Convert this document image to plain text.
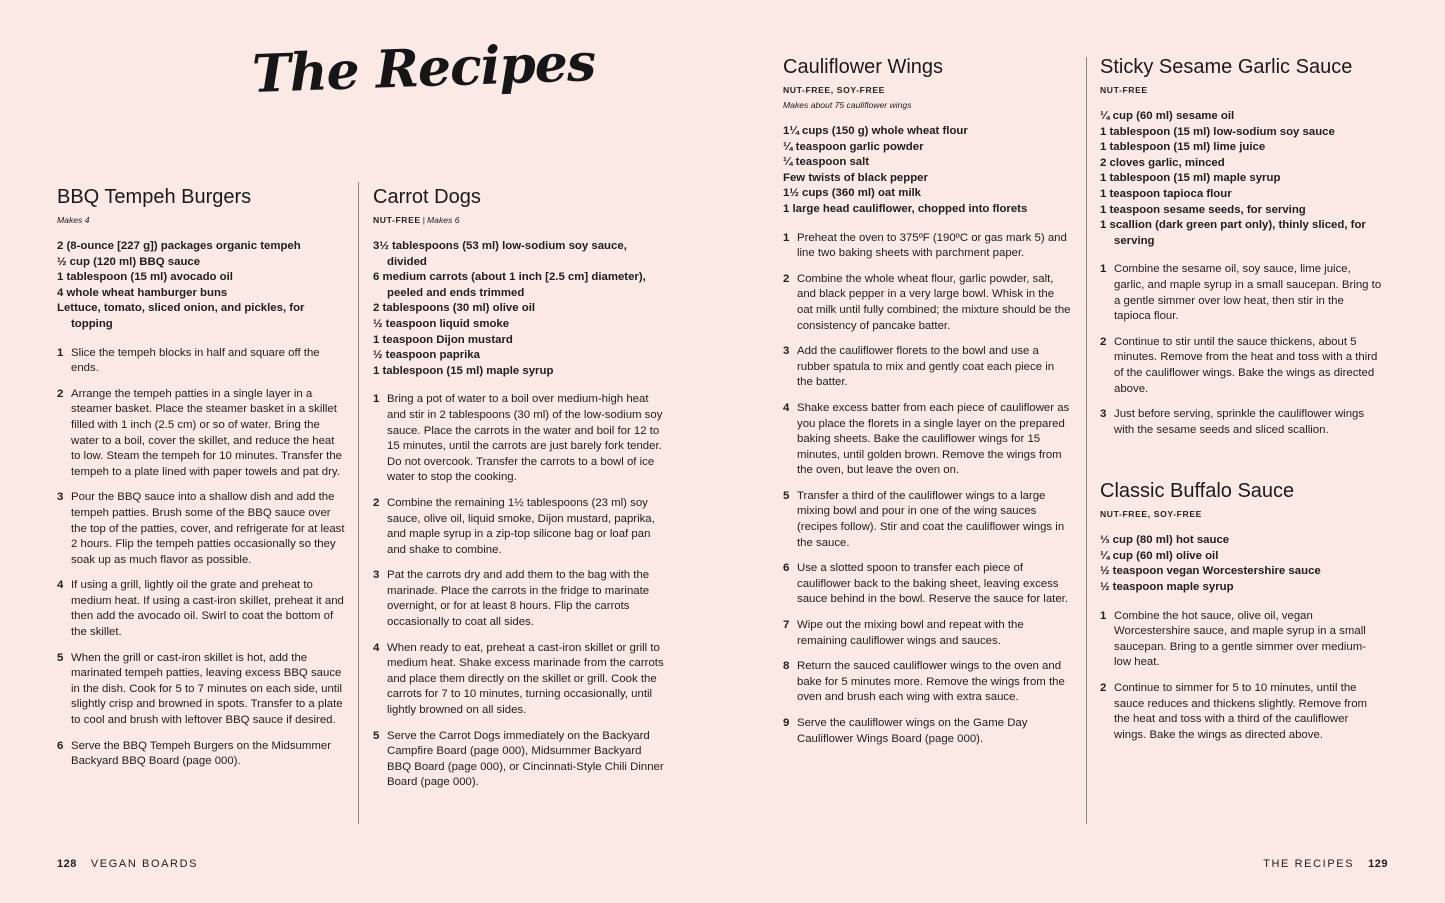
The Recipes
BBQ Tempeh Burgers
Makes 4
2 (8-ounce [227 g]) packages organic tempeh
½ cup (120 ml) BBQ sauce
1 tablespoon (15 ml) avocado oil
4 whole wheat hamburger buns
Lettuce, tomato, sliced onion, and pickles, for topping
1 Slice the tempeh blocks in half and square off the ends.
2 Arrange the tempeh patties in a single layer in a steamer basket. Place the steamer basket in a skillet filled with 1 inch (2.5 cm) or so of water. Bring the water to a boil, cover the skillet, and reduce the heat to low. Steam the tempeh for 10 minutes. Transfer the tempeh to a plate lined with paper towels and pat dry.
3 Pour the BBQ sauce into a shallow dish and add the tempeh patties. Brush some of the BBQ sauce over the top of the patties, cover, and refrigerate for at least 2 hours. Flip the tempeh patties occasionally so they soak up as much flavor as possible.
4 If using a grill, lightly oil the grate and preheat to medium heat. If using a cast-iron skillet, preheat it and then add the avocado oil. Swirl to coat the bottom of the skillet.
5 When the grill or cast-iron skillet is hot, add the marinated tempeh patties, leaving excess BBQ sauce in the dish. Cook for 5 to 7 minutes on each side, until slightly crisp and browned in spots. Transfer to a plate to cool and brush with leftover BBQ sauce if desired.
6 Serve the BBQ Tempeh Burgers on the Midsummer Backyard BBQ Board (page 000).
Carrot Dogs
NUT-FREE | Makes 6
3½ tablespoons (53 ml) low-sodium soy sauce, divided
6 medium carrots (about 1 inch [2.5 cm] diameter), peeled and ends trimmed
2 tablespoons (30 ml) olive oil
½ teaspoon liquid smoke
1 teaspoon Dijon mustard
½ teaspoon paprika
1 tablespoon (15 ml) maple syrup
1 Bring a pot of water to a boil over medium-high heat and stir in 2 tablespoons (30 ml) of the low-sodium soy sauce. Place the carrots in the water and boil for 12 to 15 minutes, until the carrots are just barely fork tender. Do not overcook. Transfer the carrots to a bowl of ice water to stop the cooking.
2 Combine the remaining 1½ tablespoons (23 ml) soy sauce, olive oil, liquid smoke, Dijon mustard, paprika, and maple syrup in a zip-top silicone bag or loaf pan and shake to combine.
3 Pat the carrots dry and add them to the bag with the marinade. Place the carrots in the fridge to marinate overnight, or for at least 8 hours. Flip the carrots occasionally to coat all sides.
4 When ready to eat, preheat a cast-iron skillet or grill to medium heat. Shake excess marinade from the carrots and place them directly on the skillet or grill. Cook the carrots for 7 to 10 minutes, turning occasionally, until lightly browned on all sides.
5 Serve the Carrot Dogs immediately on the Backyard Campfire Board (page 000), Midsummer Backyard BBQ Board (page 000), or Cincinnati-Style Chili Dinner Board (page 000).
Cauliflower Wings
NUT-FREE, SOY-FREE
Makes about 75 cauliflower wings
1¼ cups (150 g) whole wheat flour
¼ teaspoon garlic powder
¼ teaspoon salt
Few twists of black pepper
1½ cups (360 ml) oat milk
1 large head cauliflower, chopped into florets
1 Preheat the oven to 375ºF (190ºC or gas mark 5) and line two baking sheets with parchment paper.
2 Combine the whole wheat flour, garlic powder, salt, and black pepper in a very large bowl. Whisk in the oat milk until fully combined; the mixture should be the consistency of pancake batter.
3 Add the cauliflower florets to the bowl and use a rubber spatula to mix and gently coat each piece in the batter.
4 Shake excess batter from each piece of cauliflower as you place the florets in a single layer on the prepared baking sheets. Bake the cauliflower wings for 15 minutes, until golden brown. Remove the wings from the oven, but leave the oven on.
5 Transfer a third of the cauliflower wings to a large mixing bowl and pour in one of the wing sauces (recipes follow). Stir and coat the cauliflower wings in the sauce.
6 Use a slotted spoon to transfer each piece of cauliflower back to the baking sheet, leaving excess sauce behind in the bowl. Reserve the sauce for later.
7 Wipe out the mixing bowl and repeat with the remaining cauliflower wings and sauces.
8 Return the sauced cauliflower wings to the oven and bake for 5 minutes more. Remove the wings from the oven and brush each wing with extra sauce.
9 Serve the cauliflower wings on the Game Day Cauliflower Wings Board (page 000).
Sticky Sesame Garlic Sauce
NUT-FREE
¼ cup (60 ml) sesame oil
1 tablespoon (15 ml) low-sodium soy sauce
1 tablespoon (15 ml) lime juice
2 cloves garlic, minced
1 tablespoon (15 ml) maple syrup
1 teaspoon tapioca flour
1 teaspoon sesame seeds, for serving
1 scallion (dark green part only), thinly sliced, for serving
1 Combine the sesame oil, soy sauce, lime juice, garlic, and maple syrup in a small saucepan. Bring to a gentle simmer over low heat, then stir in the tapioca flour.
2 Continue to stir until the sauce thickens, about 5 minutes. Remove from the heat and toss with a third of the cauliflower wings. Bake the wings as directed above.
3 Just before serving, sprinkle the cauliflower wings with the sesame seeds and sliced scallion.
Classic Buffalo Sauce
NUT-FREE, SOY-FREE
⅓ cup (80 ml) hot sauce
¼ cup (60 ml) olive oil
½ teaspoon vegan Worcestershire sauce
½ teaspoon maple syrup
1 Combine the hot sauce, olive oil, vegan Worcestershire sauce, and maple syrup in a small saucepan. Bring to a gentle simmer over medium-low heat.
2 Continue to simmer for 5 to 10 minutes, until the sauce reduces and thickens slightly. Remove from the heat and toss with a third of the cauliflower wings. Bake the wings as directed above.
128 VEGAN BOARDS	THE RECIPES 129
